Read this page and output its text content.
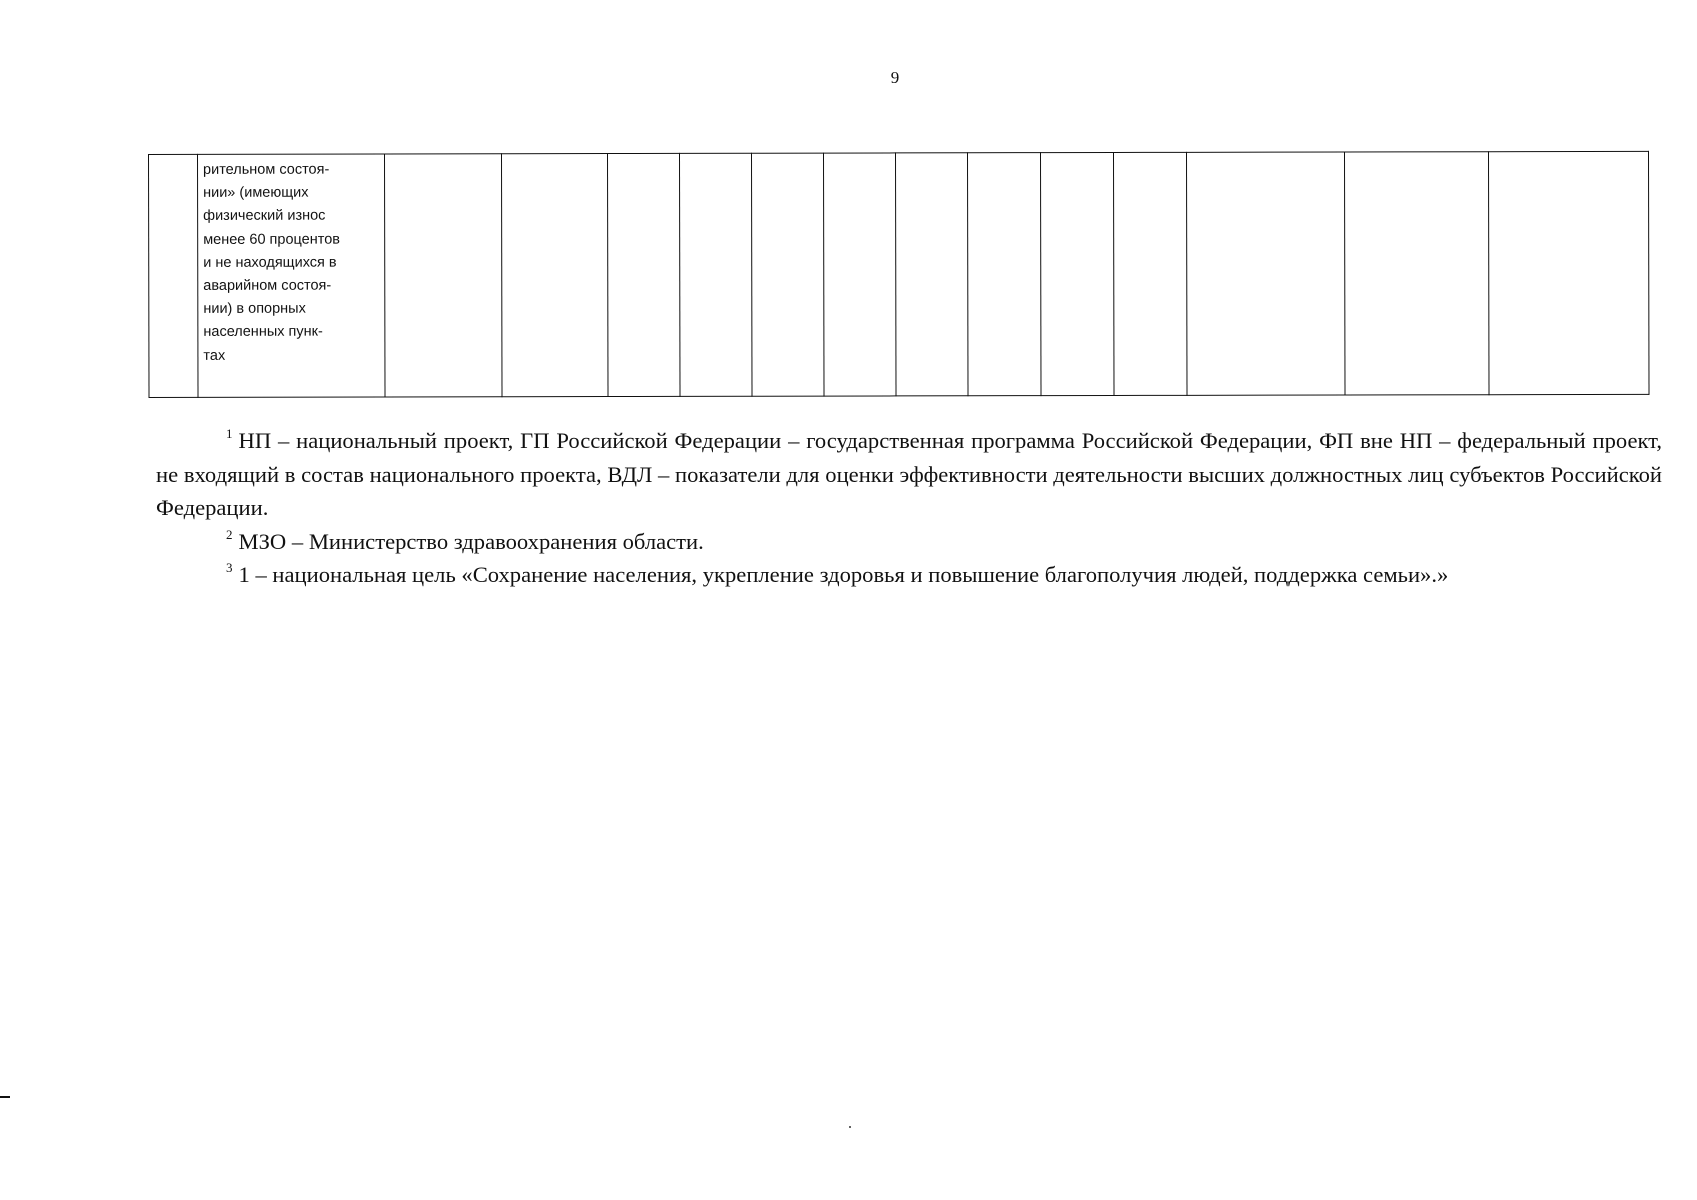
9
	рительном состоя-
нии» (имеющих
физический износ
менее 60 процентов
и не находящихся в
аварийном состоя-
нии) в опорных
населенных пунк-
тах													

$^1$ НП – национальный проект, ГП Российской Федерации – государственная программа Российской Федерации, ФП вне НП – федеральный проект, не входящий в состав национального проекта, ВДЛ – показатели для оценки эффективности деятельности высших должностных лиц субъектов Российской Федерации.

$^2$ МЗО – Министерство здравоохранения области.

$^3$ 1 – национальная цель «Сохранение населения, укрепление здоровья и повышение благополучия людей, поддержка семьи».»
